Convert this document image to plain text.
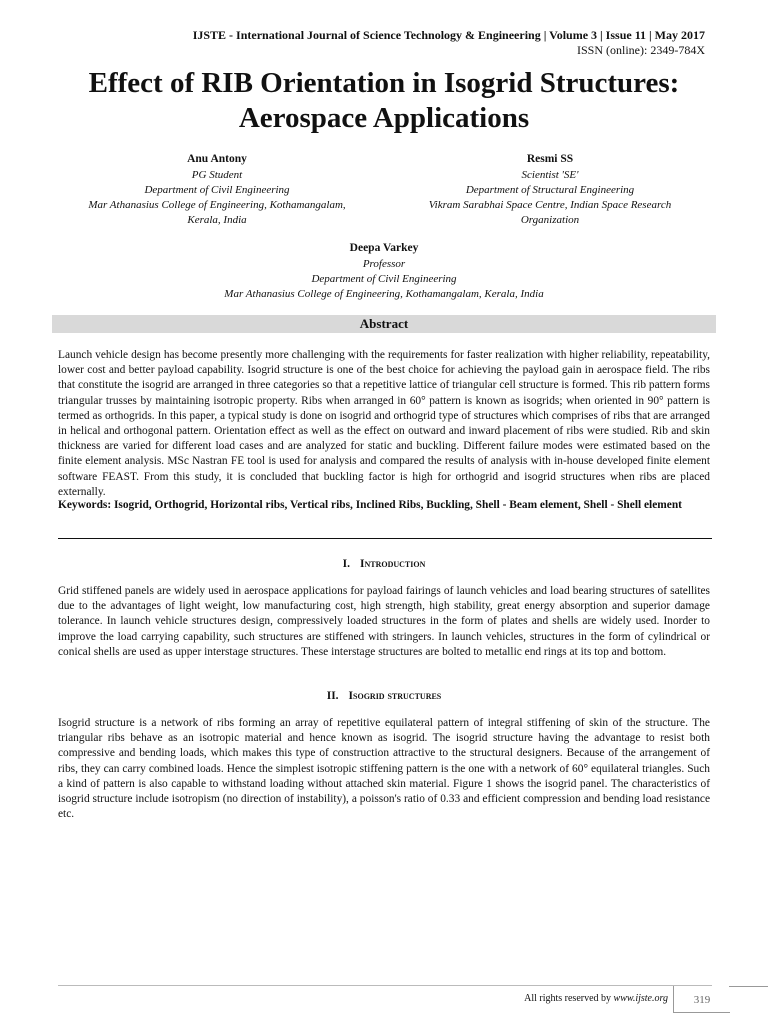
IJSTE - International Journal of Science Technology & Engineering | Volume 3 | Issue 11 | May 2017
ISSN (online): 2349-784X
Effect of RIB Orientation in Isogrid Structures:
Aerospace Applications
Anu Antony
PG Student
Department of Civil Engineering
Mar Athanasius College of Engineering, Kothamangalam,
Kerala, India
Resmi SS
Scientist 'SE'
Department of Structural Engineering
Vikram Sarabhai Space Centre, Indian Space Research
Organization
Deepa Varkey
Professor
Department of Civil Engineering
Mar Athanasius College of Engineering, Kothamangalam, Kerala, India
Abstract
Launch vehicle design has become presently more challenging with the requirements for faster realization with higher reliability, repeatability, lower cost and better payload capability. Isogrid structure is one of the best choice for achieving the payload gain in aerospace field. The ribs that constitute the isogrid are arranged in three categories so that a repetitive lattice of triangular cell structure is formed. This rib pattern forms triangular trusses by maintaining isotropic property. Ribs when arranged in 60° pattern is known as isogrids; when oriented in 90° pattern is termed as orthogrids. In this paper, a typical study is done on isogrid and orthogrid type of structures which comprises of ribs that are arranged in helical and orthogonal pattern. Orientation effect as well as the effect on outward and inward placement of ribs were studied. Rib and skin thickness are varied for different load cases and are analyzed for static and buckling. Different failure modes were estimated based on the finite element analysis. MSc Nastran FE tool is used for analysis and compared the results of analysis with in-house developed finite element software FEAST. From this study, it is concluded that buckling factor is high for orthogrid and isogrid structures when ribs are placed externally.
Keywords: Isogrid, Orthogrid, Horizontal ribs, Vertical ribs, Inclined Ribs, Buckling, Shell - Beam element, Shell - Shell element
I. Introduction
Grid stiffened panels are widely used in aerospace applications for payload fairings of launch vehicles and load bearing structures of satellites due to the advantages of light weight, low manufacturing cost, high strength, high stability, great energy absorption and superior damage tolerance. In launch vehicle structures design, compressively loaded structures in the form of plates and shells are widely used. Inorder to improve the load carrying capability, such structures are stiffened with stringers. In launch vehicles, structures in the form of cylindrical or conical shells are used as upper interstage structures. These interstage structures are bolted to metallic end rings at its top and bottom.
II. Isogrid structures
Isogrid structure is a network of ribs forming an array of repetitive equilateral pattern of integral stiffening of skin of the structure. The triangular ribs behave as an isotropic material and hence known as isogrid. The isogrid structure having the advantage to resist both compressive and bending loads, which makes this type of construction attractive to the structural designers. Because of the arrangement of ribs, they can carry combined loads. Hence the simplest isotropic stiffening pattern is the one with a network of 60° equilateral triangles. Such a kind of pattern is also capable to withstand loading without attached skin material. Figure 1 shows the isogrid panel. The characteristics of isogrid structure include isotropism (no direction of instability), a poisson's ratio of 0.33 and efficient compression and bending load resistance etc.
All rights reserved by www.ijste.org	319
